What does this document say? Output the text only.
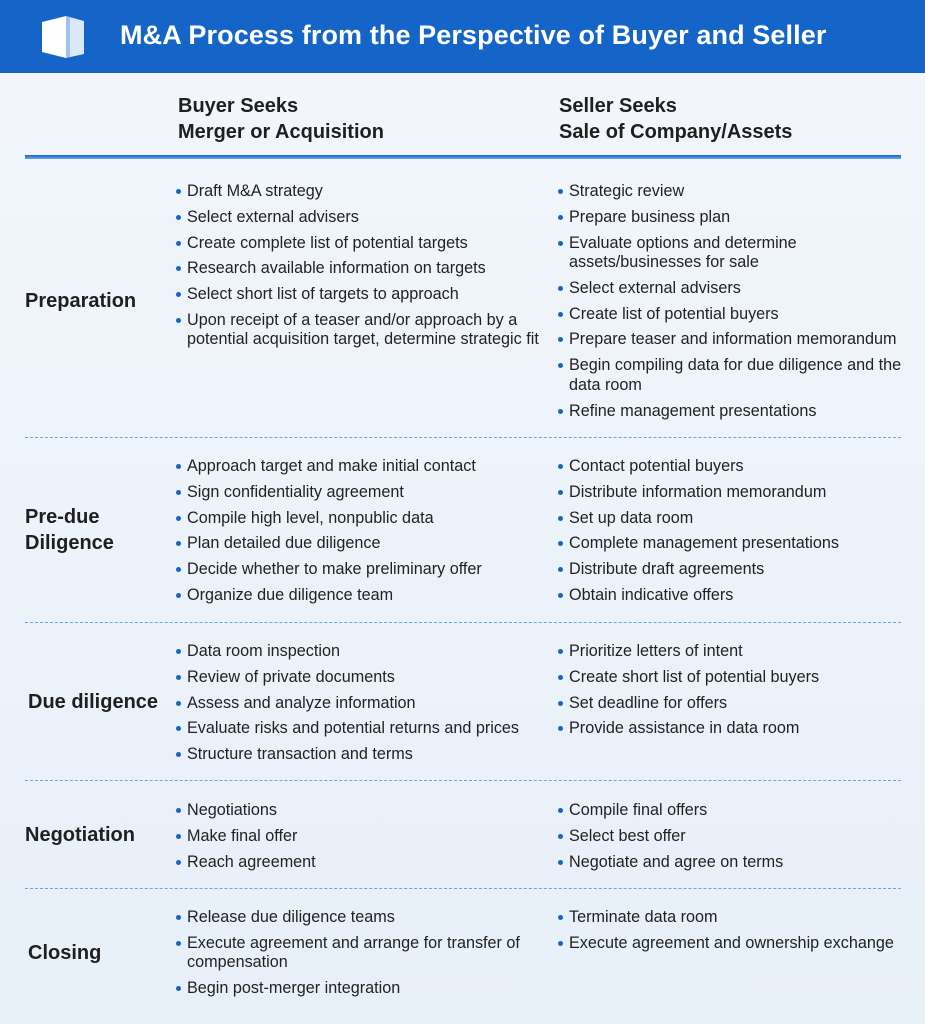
M&A Process from the Perspective of Buyer and Seller
Buyer Seeks
Merger or Acquisition
Seller Seeks
Sale of Company/Assets
Preparation
Draft M&A strategy
Select external advisers
Create complete list of potential targets
Research available information on targets
Select short list of targets to approach
Upon receipt of a teaser and/or approach by a potential acquisition target, determine strategic fit
Strategic review
Prepare business plan
Evaluate options and determine assets/businesses for sale
Select external advisers
Create list of potential buyers
Prepare teaser and information memorandum
Begin compiling data for due diligence and the data room
Refine management presentations
Pre-due
Diligence
Approach target and make initial contact
Sign confidentiality agreement
Compile high level, nonpublic data
Plan detailed due diligence
Decide whether to make preliminary offer
Organize due diligence team
Contact potential buyers
Distribute information memorandum
Set up data room
Complete management presentations
Distribute draft agreements
Obtain indicative offers
Due diligence
Data room inspection
Review of private documents
Assess and analyze information
Evaluate risks and potential returns and prices
Structure transaction and terms
Prioritize letters of intent
Create short list of potential buyers
Set deadline for offers
Provide assistance in data room
Negotiation
Negotiations
Make final offer
Reach agreement
Compile final offers
Select best offer
Negotiate and agree on terms
Closing
Release due diligence teams
Execute agreement and arrange for transfer of compensation
Begin post-merger integration
Terminate data room
Execute agreement and ownership exchange
